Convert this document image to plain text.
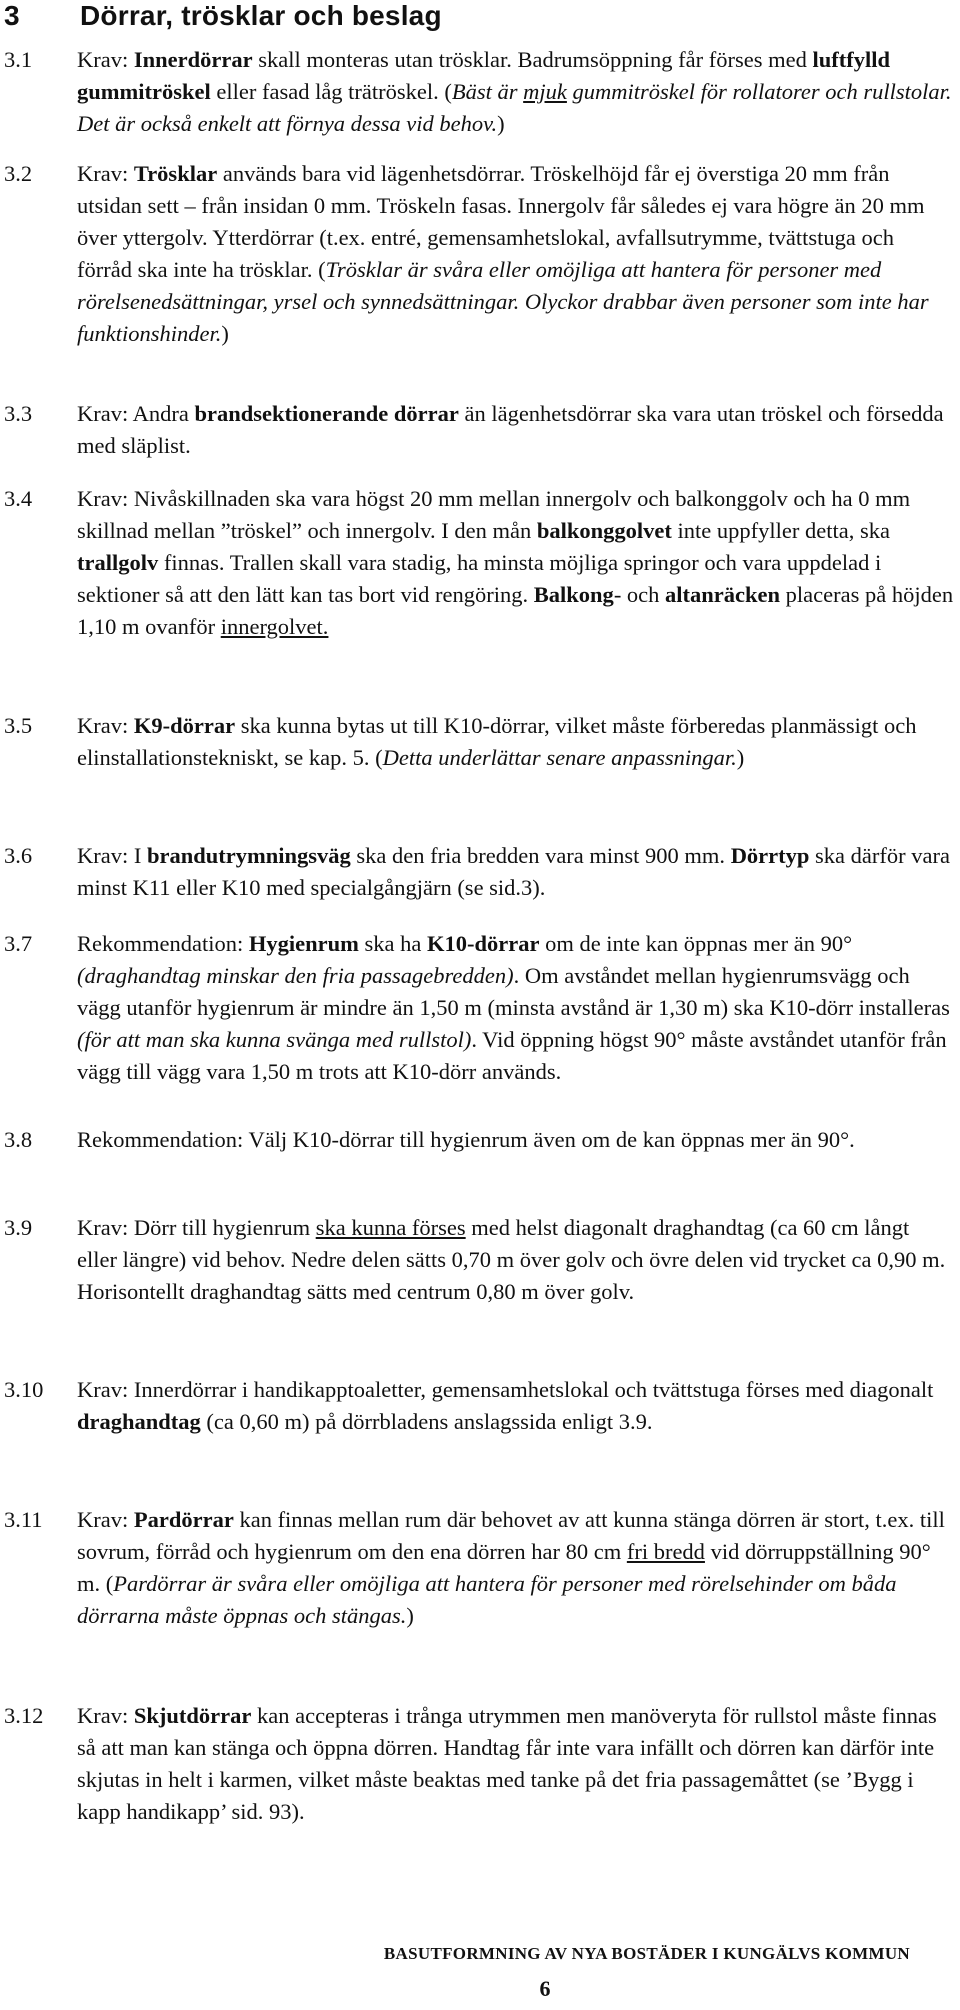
3 Dörrar, trösklar och beslag
3.1 Krav: Innerdörrar skall monteras utan trösklar. Badrumsöppning får förses med luftfylld gummitröskel eller fasad låg trätröskel. (Bäst är mjuk gummitröskel för rollatorer och rullstolar. Det är också enkelt att förnya dessa vid behov.)
3.2 Krav: Trösklar används bara vid lägenhetsdörrar. Tröskelhöjd får ej överstiga 20 mm från utsidan sett – från insidan 0 mm. Tröskeln fasas. Innergolv får således ej vara högre än 20 mm över yttergolv. Ytterdörrar (t.ex. entré, gemensamhetslokal, avfallsutrymme, tvättstuga och förråd ska inte ha trösklar. (Trösklar är svåra eller omöjliga att hantera för personer med rörelsenedsättningar, yrsel och synnedsättningar. Olyckor drabbar även personer som inte har funktionshinder.)
3.3 Krav: Andra brandsektionerande dörrar än lägenhetsdörrar ska vara utan tröskel och försedda med släplist.
3.4 Krav: Nivåskillnaden ska vara högst 20 mm mellan innergolv och balkonggolv och ha 0 mm skillnad mellan ”tröskel” och innergolv. I den mån balkonggolvet inte uppfyller detta, ska trallgolv finnas. Trallen skall vara stadig, ha minsta möjliga springor och vara uppdelad i sektioner så att den lätt kan tas bort vid rengöring. Balkong- och altanräcken placeras på höjden 1,10 m ovanför innergolvet.
3.5 Krav: K9-dörrar ska kunna bytas ut till K10-dörrar, vilket måste förberedas planmässigt och elinstallationstekniskt, se kap. 5. (Detta underlättar senare anpassningar.)
3.6 Krav: I brandutrymningsväg ska den fria bredden vara minst 900 mm. Dörrtyp ska därför vara minst K11 eller K10 med specialgångjärn (se sid.3).
3.7 Rekommendation: Hygienrum ska ha K10-dörrar om de inte kan öppnas mer än 90° (draghandtag minskar den fria passagebredden). Om avståndet mellan hygienrumsvägg och vägg utanför hygienrum är mindre än 1,50 m (minsta avstånd är 1,30 m) ska K10-dörr installeras (för att man ska kunna svänga med rullstol). Vid öppning högst 90° måste avståndet utanför från vägg till vägg vara 1,50 m trots att K10-dörr används.
3.8 Rekommendation: Välj K10-dörrar till hygienrum även om de kan öppnas mer än 90°.
3.9 Krav: Dörr till hygienrum ska kunna förses med helst diagonalt draghandtag (ca 60 cm långt eller längre) vid behov. Nedre delen sätts 0,70 m över golv och övre delen vid trycket ca 0,90 m. Horisontellt draghandtag sätts med centrum 0,80 m över golv.
3.10 Krav: Innerdörrar i handikapptoaletter, gemensamhetslokal och tvättstuga förses med diagonalt draghandtag (ca 0,60 m) på dörrbladens anslagssida enligt 3.9.
3.11 Krav: Pardörrar kan finnas mellan rum där behovet av att kunna stänga dörren är stort, t.ex. till sovrum, förråd och hygienrum om den ena dörren har 80 cm fri bredd vid dörruppställning 90° m. (Pardörrar är svåra eller omöjliga att hantera för personer med rörelsehinder om båda dörrarna måste öppnas och stängas.)
3.12 Krav: Skjutdörrar kan accepteras i trånga utrymmen men manöveryta för rullstol måste finnas så att man kan stänga och öppna dörren. Handtag får inte vara infällt och dörren kan därför inte skjutas in helt i karmen, vilket måste beaktas med tanke på det fria passagemåttet (se ’Bygg i kapp handikapp’ sid. 93).
BASUTFORMNING AV NYA BOSTÄDER I KUNGÄLVS KOMMUN
6
